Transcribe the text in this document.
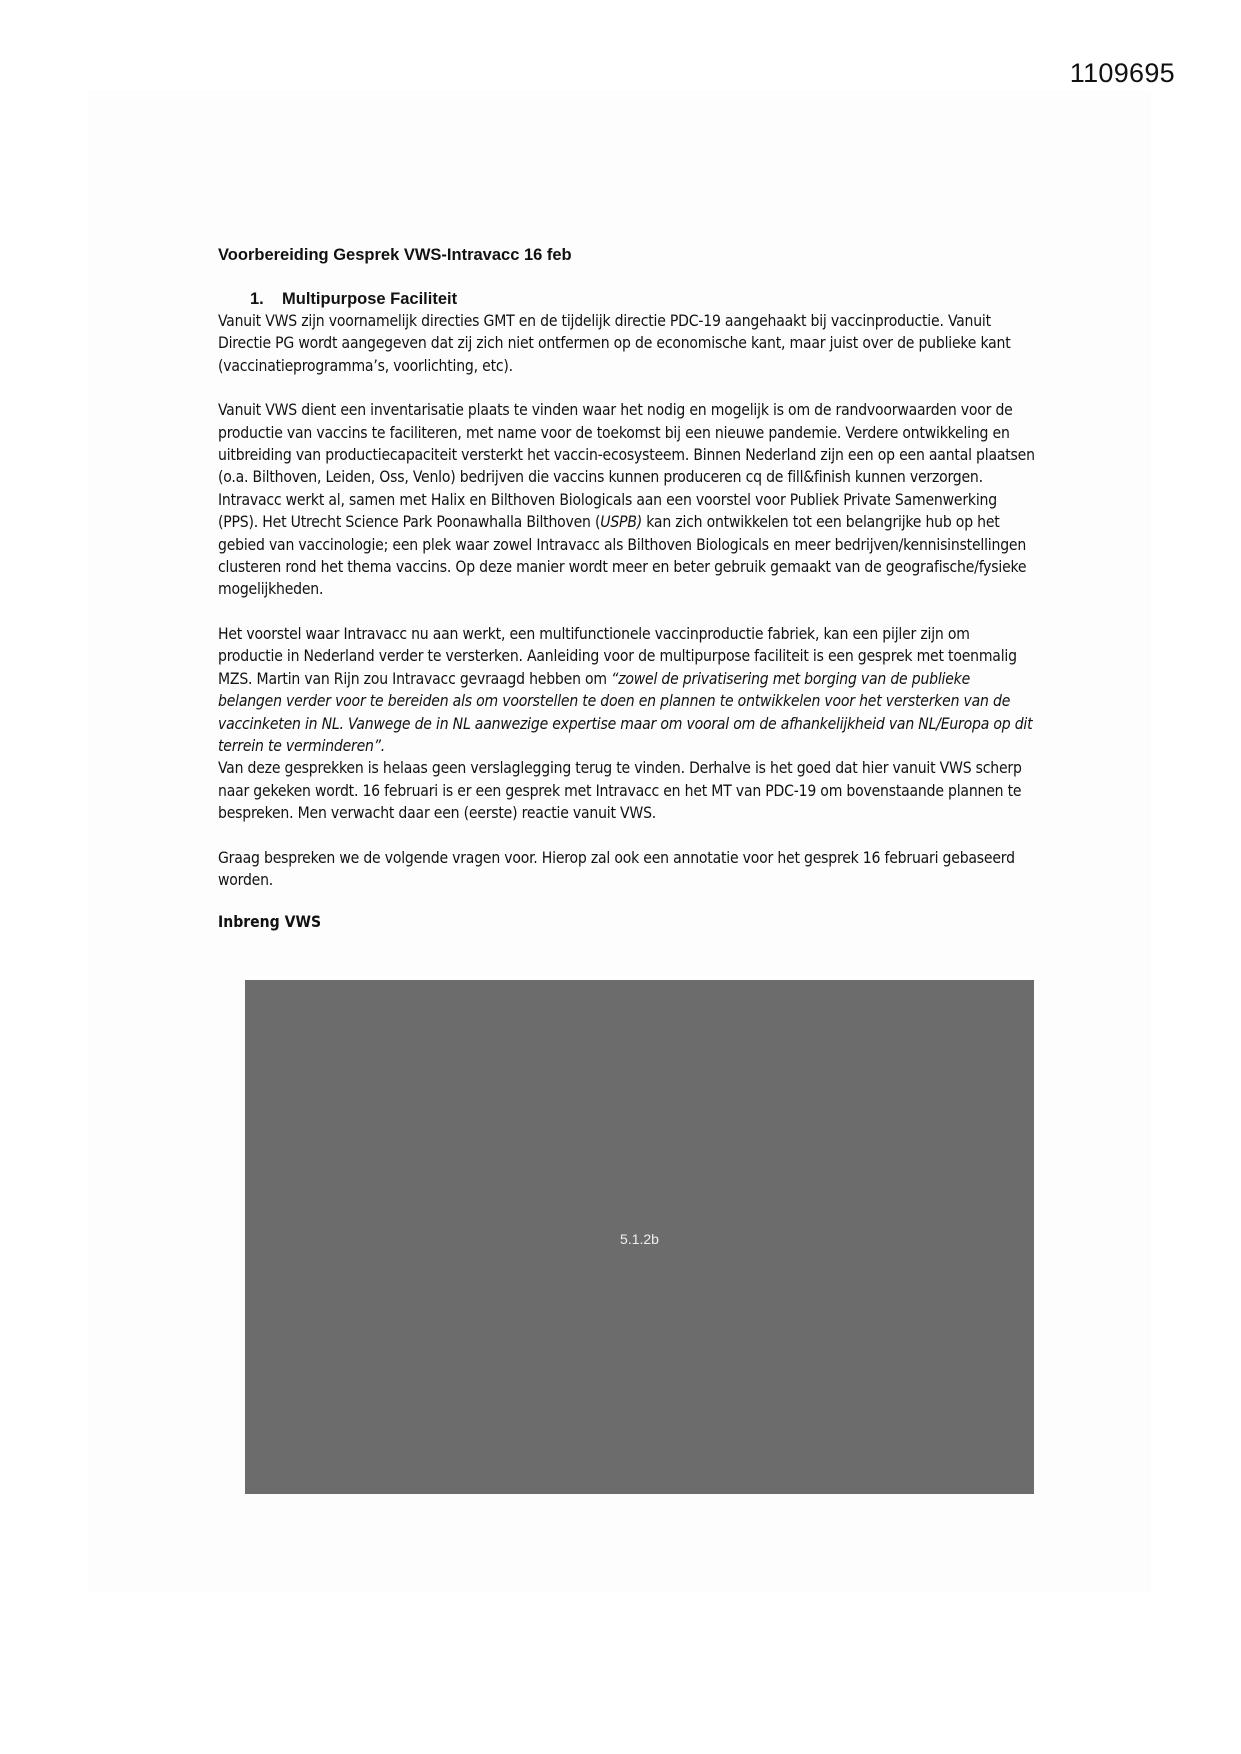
1109695
Voorbereiding Gesprek VWS-Intravacc 16 feb
1.	Multipurpose Faciliteit

Vanuit VWS zijn voornamelijk directies GMT en de tijdelijk directie PDC-19 aangehaakt bij vaccinproductie. Vanuit Directie PG wordt aangegeven dat zij zich niet ontfermen op de economische kant, maar juist over de publieke kant (vaccinatieprogramma’s, voorlichting, etc).

Vanuit VWS dient een inventarisatie plaats te vinden waar het nodig en mogelijk is om de randvoorwaarden voor de productie van vaccins te faciliteren, met name voor de toekomst bij een nieuwe pandemie. Verdere ontwikkeling en uitbreiding van productiecapaciteit versterkt het vaccin-ecosysteem. Binnen Nederland zijn een op een aantal plaatsen (o.a. Bilthoven, Leiden, Oss, Venlo) bedrijven die vaccins kunnen produceren cq de fill&finish kunnen verzorgen. Intravacc werkt al, samen met Halix en Bilthoven Biologicals aan een voorstel voor Publiek Private Samenwerking (PPS). Het Utrecht Science Park Poonawhalla Bilthoven (USPB) kan zich ontwikkelen tot een belangrijke hub op het gebied van vaccinologie; een plek waar zowel Intravacc als Bilthoven Biologicals en meer bedrijven/kennisinstellingen clusteren rond het thema vaccins. Op deze manier wordt meer en beter gebruik gemaakt van de geografische/fysieke mogelijkheden.

Het voorstel waar Intravacc nu aan werkt, een multifunctionele vaccinproductie fabriek, kan een pijler zijn om productie in Nederland verder te versterken. Aanleiding voor de multipurpose faciliteit is een gesprek met toenmalig MZS. Martin van Rijn zou Intravacc gevraagd hebben om “zowel de privatisering met borging van de publieke belangen verder voor te bereiden als om voorstellen te doen en plannen te ontwikkelen voor het versterken van de vaccinketen in NL. Vanwege de in NL aanwezige expertise maar om vooral om de afhankelijkheid van NL/Europa op dit terrein te verminderen”.

Van deze gesprekken is helaas geen verslaglegging terug te vinden. Derhalve is het goed dat hier vanuit VWS scherp naar gekeken wordt. 16 februari is er een gesprek met Intravacc en het MT van PDC-19 om bovenstaande plannen te bespreken. Men verwacht daar een (eerste) reactie vanuit VWS.

Graag bespreken we de volgende vragen voor. Hierop zal ook een annotatie voor het gesprek 16 februari gebaseerd worden.

Inbreng VWS
5.1.2b
